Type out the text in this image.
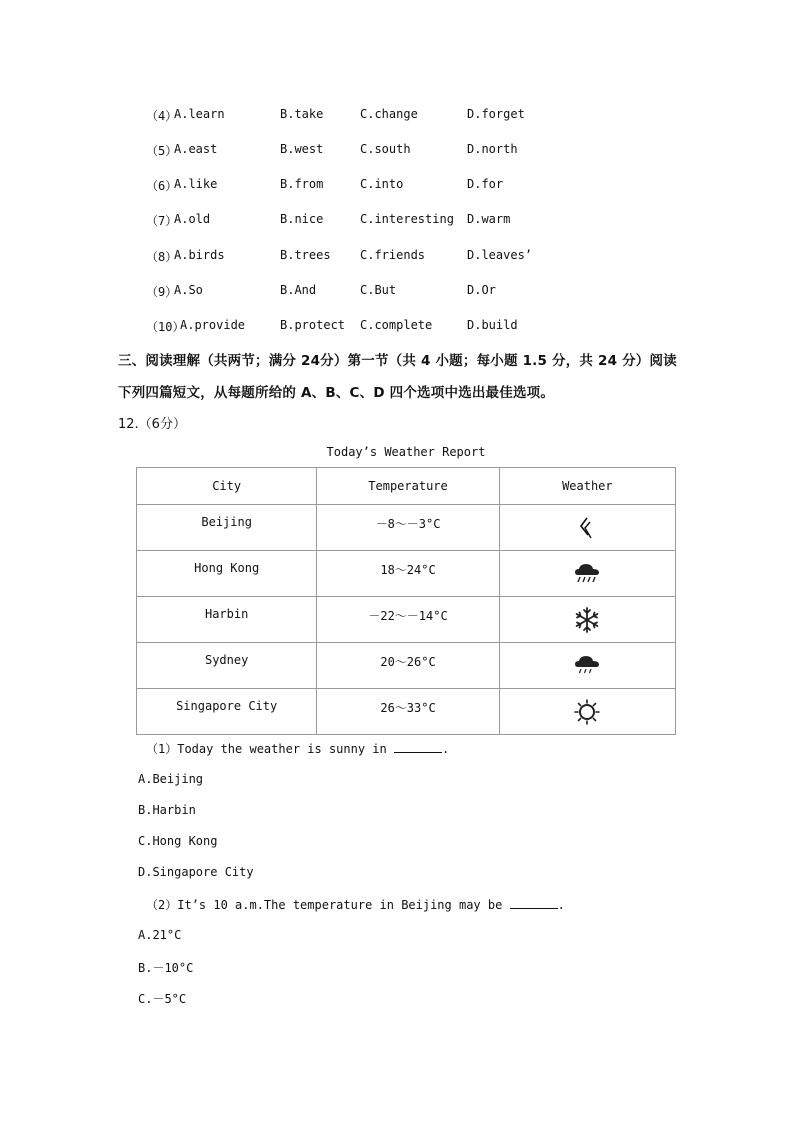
（4）
A.learn	B.take	C.change	D.forget
（5）
A.east	B.west	C.south	D.north
（6）
A.like	B.from	C.into	D.for
（7）
A.old	B.nice	C.interesting D.warm
（8）
A.birds	B.trees C.friends	D.leaves’
（9）
A.So	B.And	C.But	D.Or
（10）
A.provide	B.protect C.complete	D.build
三、阅读理解（共两节；满分 24分）第一节（共 4 小题；每小题 1.5 分，共 24 分）阅读
下列四篇短文，从每题所给的 A、B、C、D 四个选项中选出最佳选项。
12.（6分）
Today’s Weather Report
City	Temperature	Weather

Beijing	－8～－3°C

Hong Kong	18～24°C

Harbin	－22～－14°C

Sydney	20～26°C

Singapore City	26～33°C

（1）Today the weather is sunny in	.
A.Beijing
B.Harbin
C.Hong Kong
D.Singapore City
（2）It’s 10 a.m.The temperature in Beijing may be	.
A.21°C
B.－10°C
C.－5°C
